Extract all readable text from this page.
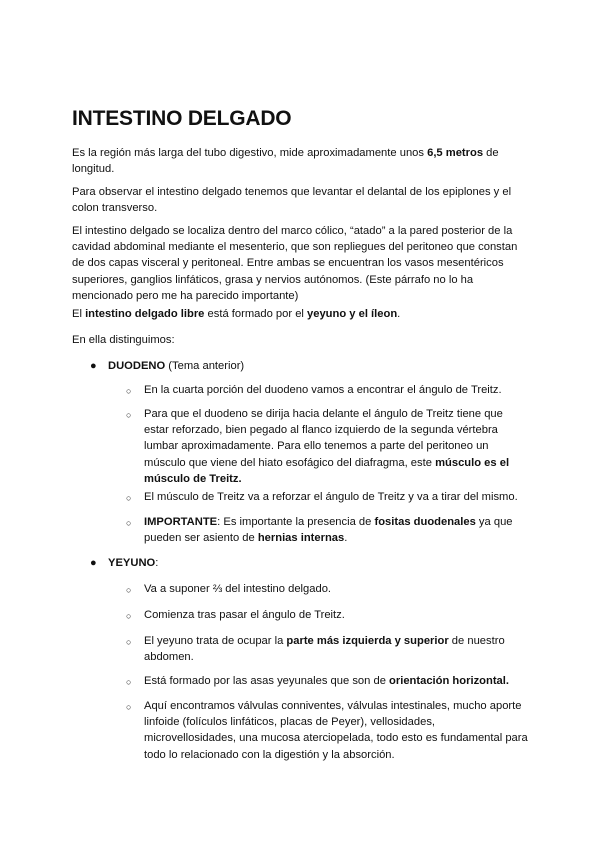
INTESTINO DELGADO

Es la región más larga del tubo digestivo, mide aproximadamente unos 6,5 metros de longitud.

Para observar el intestino delgado tenemos que levantar el delantal de los epiplones y el colon transverso.

El intestino delgado se localiza dentro del marco cólico, “atado” a la pared posterior de la cavidad abdominal mediante el mesenterio, que son repliegues del peritoneo que constan de dos capas visceral y peritoneal. Entre ambas se encuentran los vasos mesentéricos superiores, ganglios linfáticos, grasa y nervios autónomos. (Este párrafo no lo ha mencionado pero me ha parecido importante)

El intestino delgado libre está formado por el yeyuno y el íleon.

En ella distinguimos:

●	DUODENO (Tema anterior)
○ En la cuarta porción del duodeno vamos a encontrar el ángulo de Treitz.
○ Para que el duodeno se dirija hacia delante el ángulo de Treitz tiene que estar reforzado, bien pegado al flanco izquierdo de la segunda vértebra lumbar aproximadamente. Para ello tenemos a parte del peritoneo un músculo que viene del hiato esofágico del diafragma, este músculo es el músculo de Treitz.
○ El músculo de Treitz va a reforzar el ángulo de Treitz y va a tirar del mismo.
○ IMPORTANTE: Es importante la presencia de fositas duodenales ya que pueden ser asiento de hernias internas.
●	YEYUNO:
○ Va a suponer ⅔ del intestino delgado.
○ Comienza tras pasar el ángulo de Treitz.
○ El yeyuno trata de ocupar la parte más izquierda y superior de nuestro abdomen.
○ Está formado por las asas yeyunales que son de orientación horizontal.
○ Aquí encontramos válvulas conniventes, válvulas intestinales, mucho aporte linfoide (folículos linfáticos, placas de Peyer), vellosidades, microvellosidades, una mucosa aterciopelada, todo esto es fundamental para todo lo relacionado con la digestión y la absorción.
